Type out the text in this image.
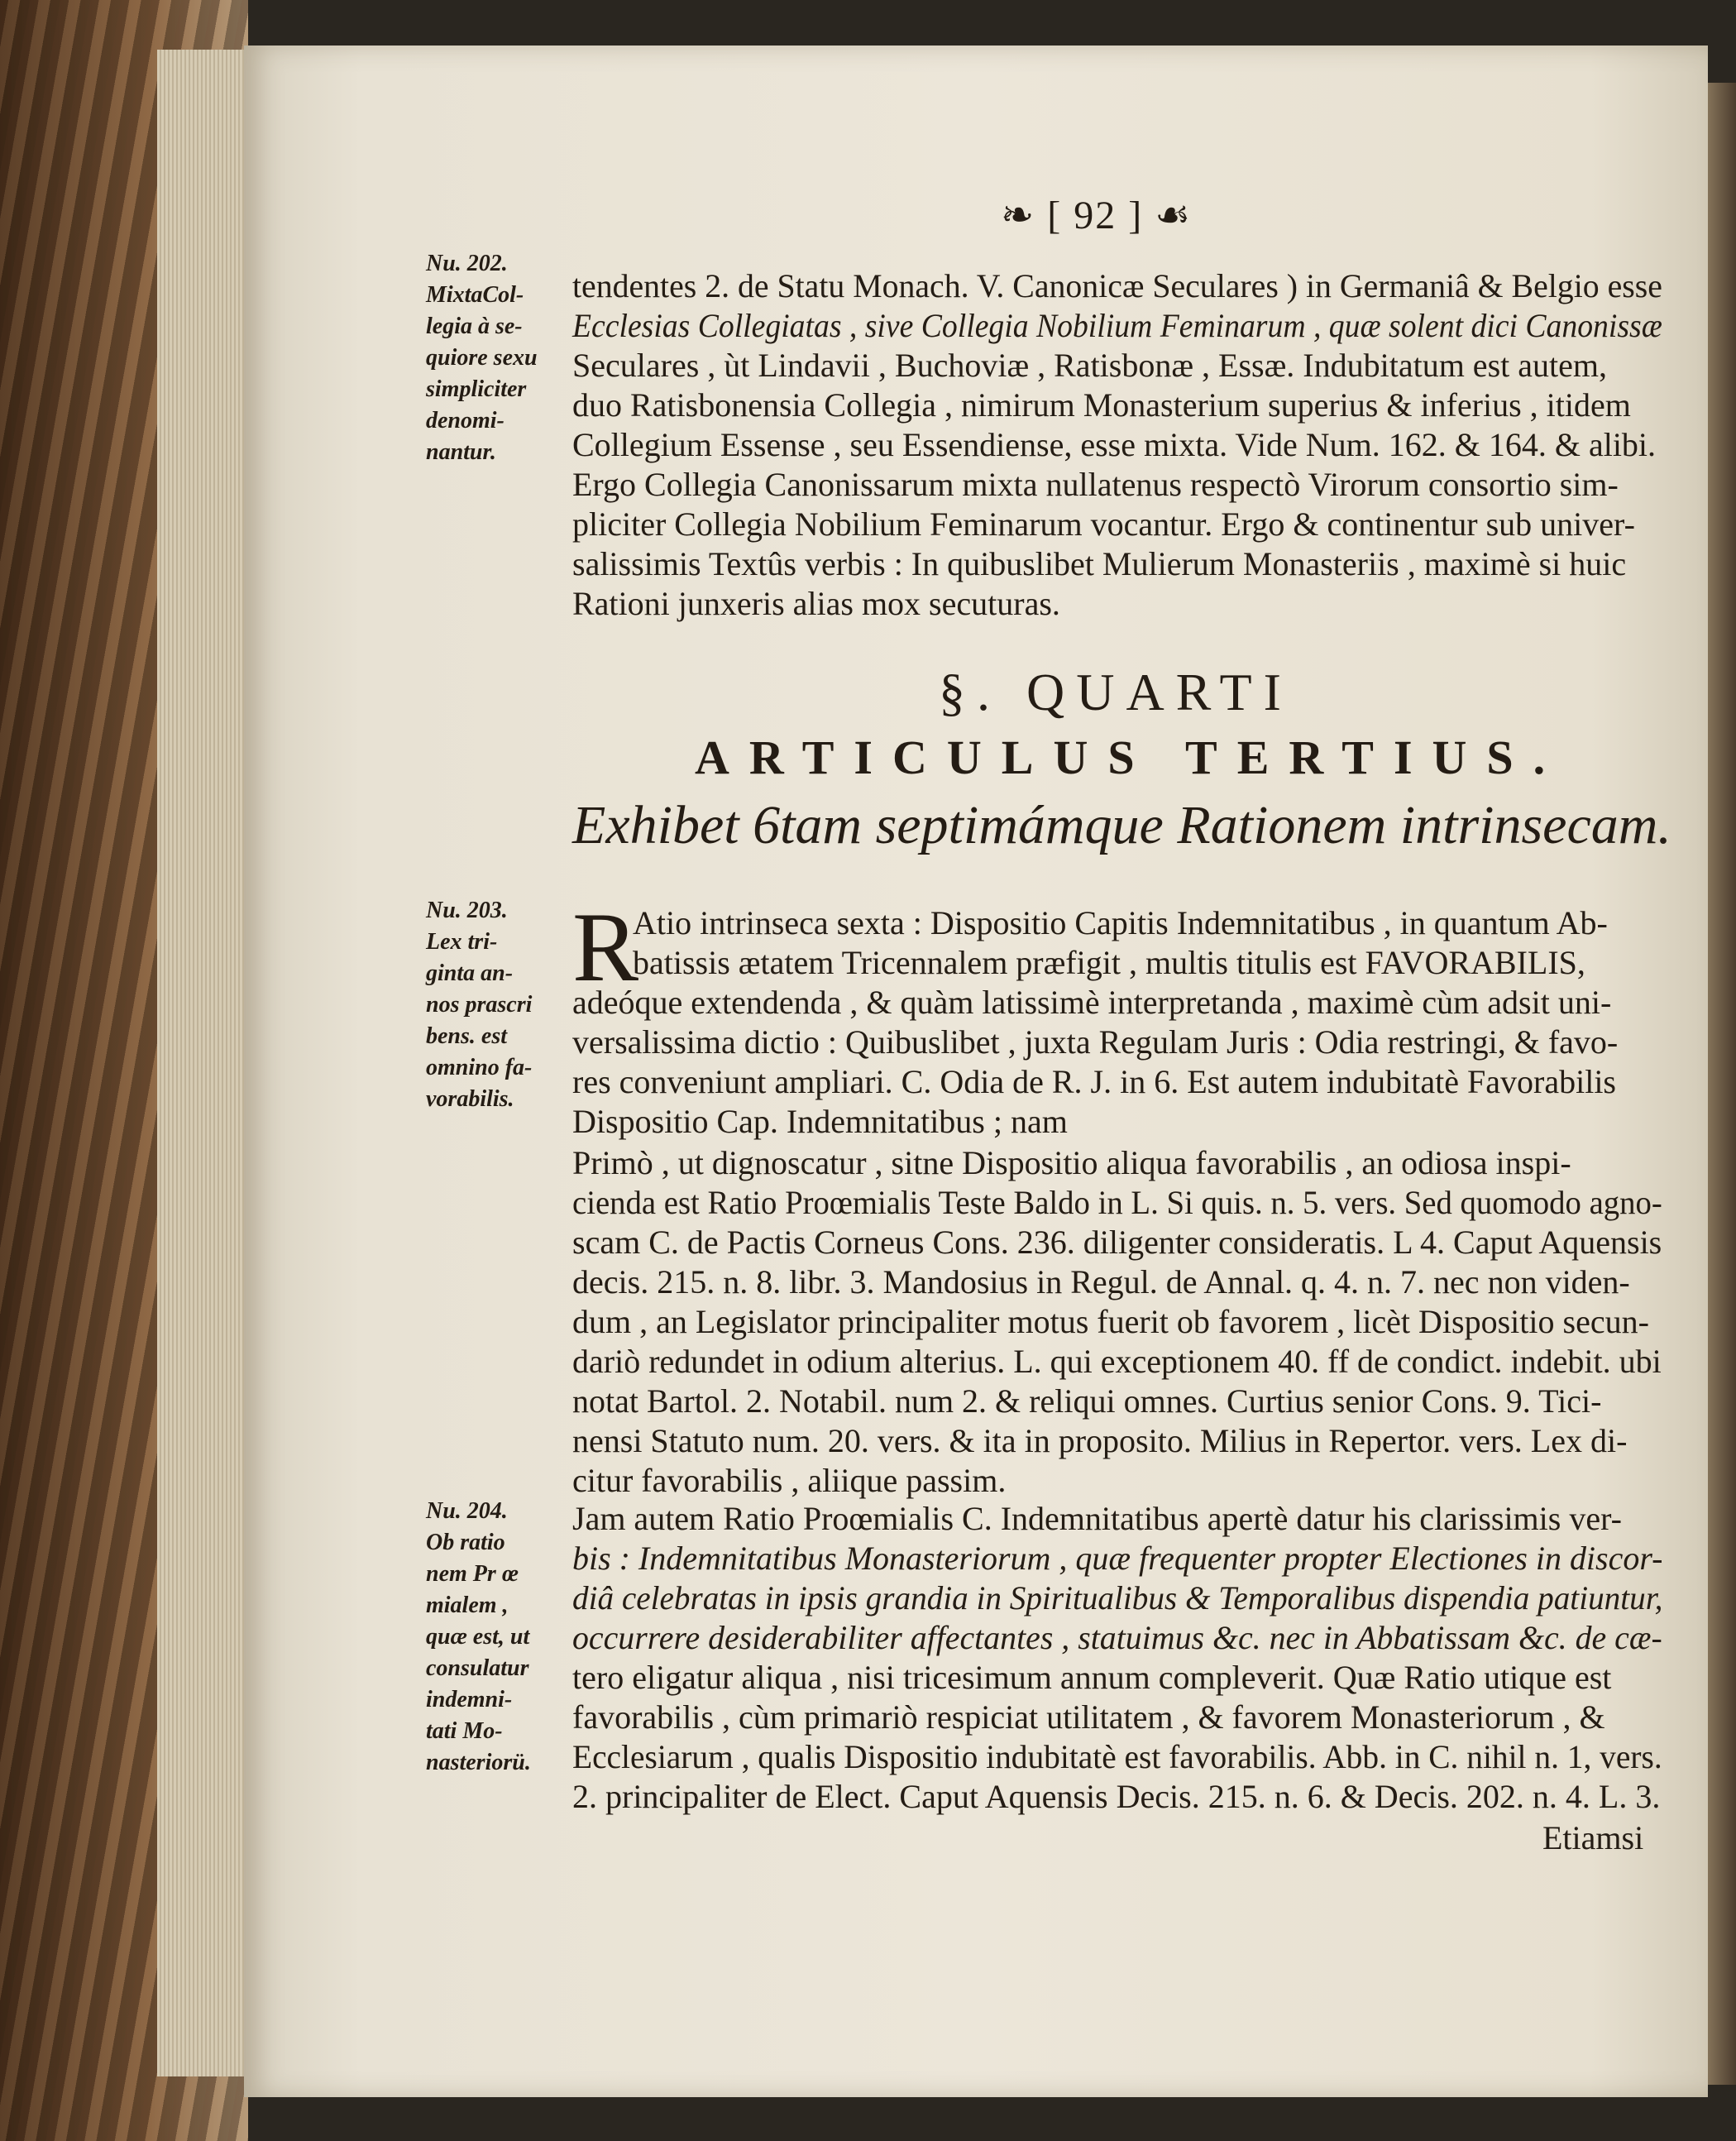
❧ [ 92 ] ☙
Nu. 202.
MixtaCol-
legia à se-
quiore sexu
simpliciter
denomi-
nantur.
tendentes 2. de Statu Monach. V. Canonicæ Seculares ) in Germaniâ & Belgio esse
Ecclesias Collegiatas , sive Collegia Nobilium Feminarum , quæ solent dici Canonissæ
Seculares , ùt Lindavii , Buchoviæ , Ratisbonæ , Essæ. Indubitatum est autem,
duo Ratisbonensia Collegia , nimirum Monasterium superius & inferius , itidem
Collegium Essense , seu Essendiense, esse mixta. Vide Num. 162. & 164. & alibi.
Ergo Collegia Canonissarum mixta nullatenus respectò Virorum consortio sim-
pliciter Collegia Nobilium Feminarum vocantur. Ergo & continentur sub univer-
salissimis Textûs verbis : In quibuslibet Mulierum Monasteriis , maximè si huic
Rationi junxeris alias mox secuturas.
§. QUARTI
ARTICULUS TERTIUS.
Exhibet 6tam septimámque Rationem intrinsecam.
Nu. 203.
Lex tri-
ginta an-
nos prascri
bens. est
omnino fa-
vorabilis.
R
Atio intrinseca sexta : Dispositio Capitis Indemnitatibus , in quantum Ab-
batissis ætatem Tricennalem præfigit , multis titulis est FAVORABILIS,
adeóque extendenda , & quàm latissimè interpretanda , maximè cùm adsit uni-
versalissima dictio : Quibuslibet , juxta Regulam Juris : Odia restringi, & favo-
res conveniunt ampliari. C. Odia de R. J. in 6. Est autem indubitatè Favorabilis
Dispositio Cap. Indemnitatibus ; nam
Primò , ut dignoscatur , sitne Dispositio aliqua favorabilis , an odiosa inspi-
cienda est Ratio Proœmialis Teste Baldo in L. Si quis. n. 5. vers. Sed quomodo agno-
scam C. de Pactis Corneus Cons. 236. diligenter consideratis. L 4. Caput Aquensis
decis. 215. n. 8. libr. 3. Mandosius in Regul. de Annal. q. 4. n. 7. nec non viden-
dum , an Legislator principaliter motus fuerit ob favorem , licèt Dispositio secun-
dariò redundet in odium alterius. L. qui exceptionem 40. ff de condict. indebit. ubi
notat Bartol. 2. Notabil. num 2. & reliqui omnes. Curtius senior Cons. 9. Tici-
nensi Statuto num. 20. vers. & ita in proposito. Milius in Repertor. vers. Lex di-
citur favorabilis , aliique passim.
Nu. 204.
Ob ratio
nem Pr œ
mialem ,
quæ est, ut
consulatur
indemni-
tati Mo-
nasteriorü.
Jam autem Ratio Proœmialis C. Indemnitatibus apertè datur his clarissimis ver-
bis : Indemnitatibus Monasteriorum , quæ frequenter propter Electiones in discor-
diâ celebratas in ipsis grandia in Spiritualibus & Temporalibus dispendia patiuntur,
occurrere desiderabiliter affectantes , statuimus &c. nec in Abbatissam &c. de cæ-
tero eligatur aliqua , nisi tricesimum annum compleverit. Quæ Ratio utique est
favorabilis , cùm primariò respiciat utilitatem , & favorem Monasteriorum , &
Ecclesiarum , qualis Dispositio indubitatè est favorabilis. Abb. in C. nihil n. 1, vers.
2. principaliter de Elect. Caput Aquensis Decis. 215. n. 6. & Decis. 202. n. 4. L. 3.
Etiamsi
